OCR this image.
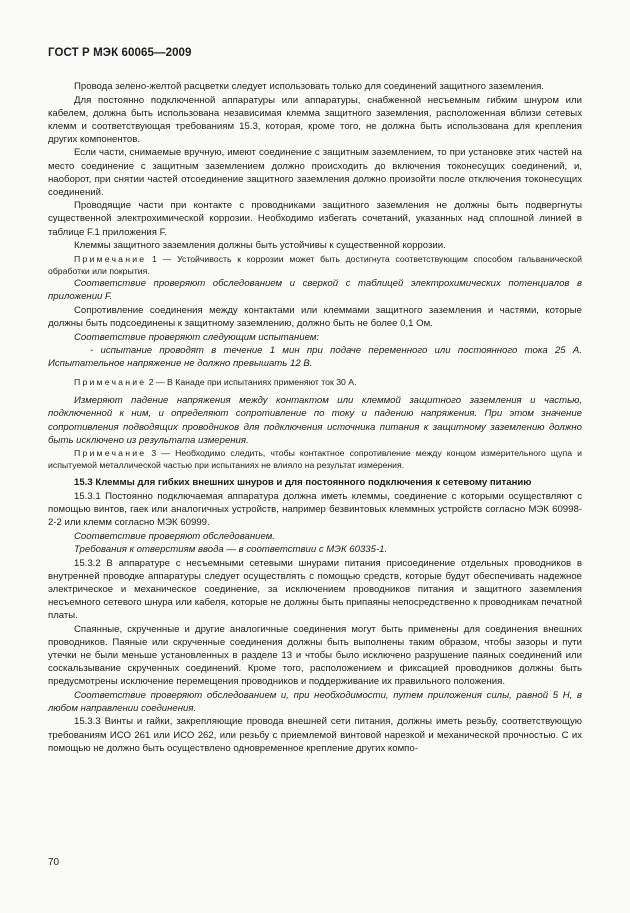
ГОСТ Р МЭК 60065—2009

Провода зелено-желтой расцветки следует использовать только для соединений защитного заземления.

Для постоянно подключенной аппаратуры или аппаратуры, снабженной несъемным гибким шнуром или кабелем, должна быть использована независимая клемма защитного заземления, расположенная вблизи сетевых клемм и соответствующая требованиям 15.3, которая, кроме того, не должна быть использована для крепления других компонентов.

Если части, снимаемые вручную, имеют соединение с защитным заземлением, то при установке этих частей на место соединение с защитным заземлением должно происходить до включения токонесущих соединений, и, наоборот, при снятии частей отсоединение защитного заземления должно произойти после отключения токонесущих соединений.

Проводящие части при контакте с проводниками защитного заземления не должны быть подвергнуты существенной электрохимической коррозии. Необходимо избегать сочетаний, указанных над сплошной линией в таблице F.1 приложения F.

Клеммы защитного заземления должны быть устойчивы к существенной коррозии.

Примечание 1 — Устойчивость к коррозии может быть достигнута соответствующим способом гальванической обработки или покрытия.

Соответствие проверяют обследованием и сверкой с таблицей электрохимических потенциалов в приложении F.

Сопротивление соединения между контактами или клеммами защитного заземления и частями, которые должны быть подсоединены к защитному заземлению, должно быть не более 0,1 Ом.

Соответствие проверяют следующим испытанием:

- испытание проводят в течение 1 мин при подаче переменного или постоянного тока 25 А. Испытательное напряжение не должно превышать 12 В.

Примечание 2 — В Канаде при испытаниях применяют ток 30 А.

Измеряют падение напряжения между контактом или клеммой защитного заземления и частью, подключенной к ним, и определяют сопротивление по току и падению напряжения. При этом значение сопротивления подводящих проводников для подключения источника питания к защитному заземлению должно быть исключено из результата измерения.

Примечание 3 — Необходимо следить, чтобы контактное сопротивление между концом измерительного щупа и испытуемой металлической частью при испытаниях не влияло на результат измерения.

15.3 Клеммы для гибких внешних шнуров и для постоянного подключения к сетевому питанию

15.3.1 Постоянно подключаемая аппаратура должна иметь клеммы, соединение с которыми осуществляют с помощью винтов, гаек или аналогичных устройств, например безвинтовых клеммных устройств согласно МЭК 60998-2-2 или клемм согласно МЭК 60999.

Соответствие проверяют обследованием.

Требования к отверстиям ввода — в соответствии с МЭК 60335-1.

15.3.2 В аппаратуре с несъемными сетевыми шнурами питания присоединение отдельных проводников в внутренней проводке аппаратуры следует осуществлять с помощью средств, которые будут обеспечивать надежное электрическое и механическое соединение, за исключением проводников питания и защитного заземления несъемного сетевого шнура или кабеля, которые не должны быть припаяны непосредственно к проводникам печатной платы.

Спаянные, скрученные и другие аналогичные соединения могут быть применены для соединения внешних проводников. Паяные или скрученные соединения должны быть выполнены таким образом, чтобы зазоры и пути утечки не были меньше установленных в разделе 13 и чтобы было исключено разрушение паяных соединений или соскальзывание скрученных соединений. Кроме того, расположением и фиксацией проводников должны быть предусмотрены исключение перемещения проводников и поддерживание их правильного положения.

Соответствие проверяют обследованием и, при необходимости, путем приложения силы, равной 5 Н, в любом направлении соединения.

15.3.3 Винты и гайки, закрепляющие провода внешней сети питания, должны иметь резьбу, соответствующую требованиям ИСО 261 или ИСО 262, или резьбу с приемлемой винтовой нарезкой и механической прочностью. С их помощью не должно быть осуществлено одновременное крепление других компо-

70
